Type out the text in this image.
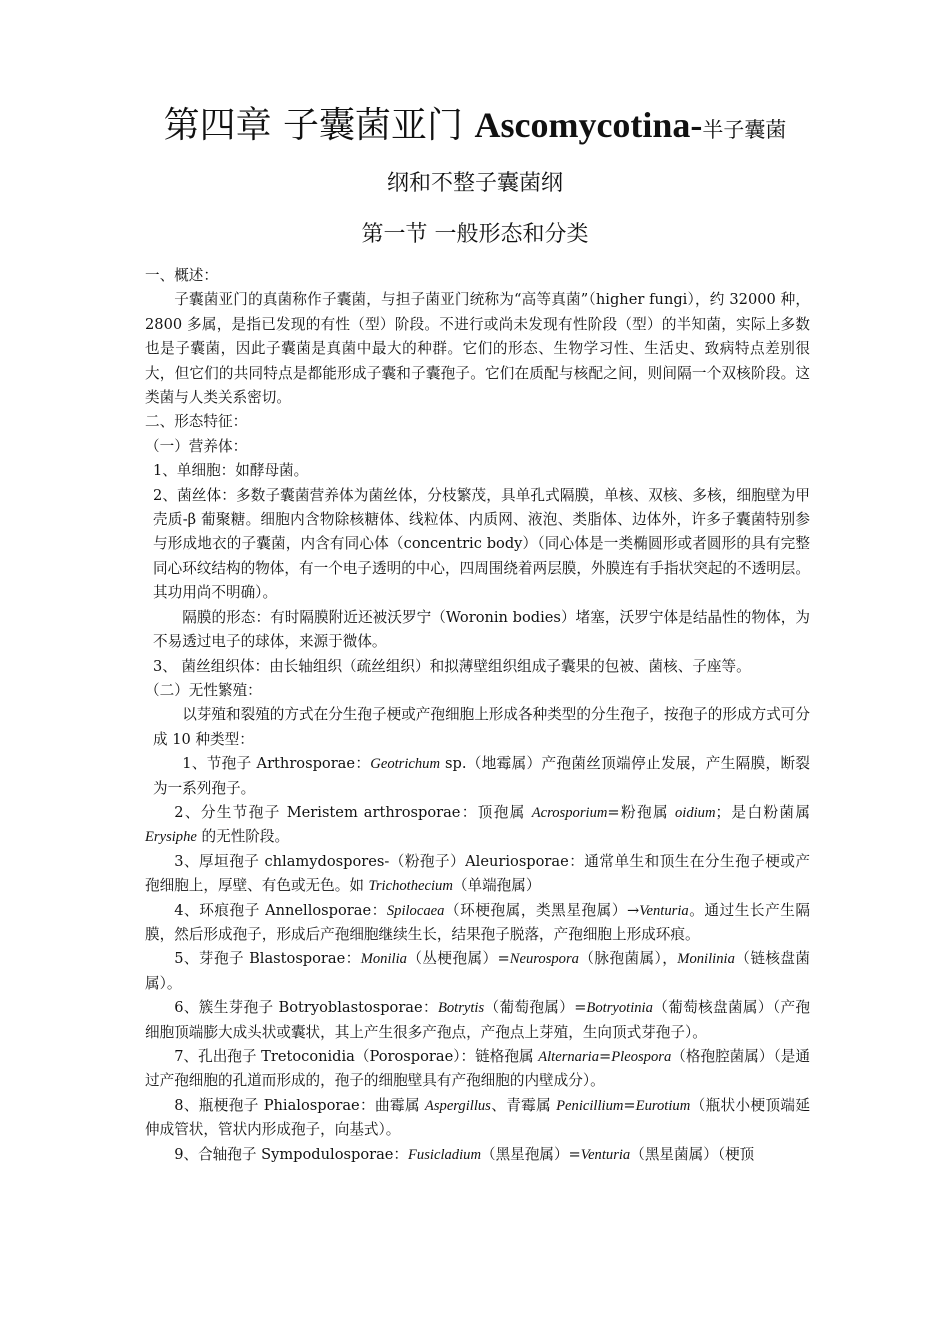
第四章 子囊菌亚门 Ascomycotina-半子囊菌
纲和不整子囊菌纲
第一节 一般形态和分类

一、概述：

子囊菌亚门的真菌称作子囊菌，与担子菌亚门统称为“高等真菌”（higher fungi），约 32000 种，2800 多属，是指已发现的有性（型）阶段。不进行或尚未发现有性阶段（型）的半知菌，实际上多数也是子囊菌，因此子囊菌是真菌中最大的种群。它们的形态、生物学习性、生活史、致病特点差别很大，但它们的共同特点是都能形成子囊和子囊孢子。它们在质配与核配之间，则间隔一个双核阶段。这类菌与人类关系密切。

二、形态特征：

（一）营养体：

1、单细胞：如酵母菌。

2、菌丝体：多数子囊菌营养体为菌丝体，分枝繁茂，具单孔式隔膜，单核、双核、多核，细胞壁为甲壳质-β 葡聚糖。细胞内含物除核糖体、线粒体、内质网、液泡、类脂体、边体外，许多子囊菌特别参与形成地衣的子囊菌，内含有同心体（concentric body）（同心体是一类椭圆形或者圆形的具有完整同心环纹结构的物体，有一个电子透明的中心，四周围绕着两层膜，外膜连有手指状突起的不透明层。其功用尚不明确）。

隔膜的形态：有时隔膜附近还被沃罗宁（Woronin bodies）堵塞，沃罗宁体是结晶性的物体，为不易透过电子的球体，来源于微体。

3、 菌丝组织体：由长轴组织（疏丝组织）和拟薄壁组织组成子囊果的包被、菌核、子座等。

（二）无性繁殖：

以芽殖和裂殖的方式在分生孢子梗或产孢细胞上形成各种类型的分生孢子，按孢子的形成方式可分成 10 种类型：

1、节孢子 Arthrosporae：Geotrichum sp.（地霉属）产孢菌丝顶端停止发展，产生隔膜，断裂为一系列孢子。

2、分生节孢子 Meristem arthrosporae：顶孢属 Acrosporium=粉孢属 oidium；是白粉菌属 Erysiphe 的无性阶段。

3、厚垣孢子 chlamydospores-（粉孢子）Aleuriosporae：通常单生和顶生在分生孢子梗或产孢细胞上，厚壁、有色或无色。如 Trichothecium（单端孢属）

4、环痕孢子 Annellosporae：Spilocaea（环梗孢属，类黑星孢属）→Venturia。通过生长产生隔膜，然后形成孢子，形成后产孢细胞继续生长，结果孢子脱落，产孢细胞上形成环痕。

5、芽孢子 Blastosporae：Monilia（丛梗孢属）=Neurospora（脉孢菌属），Monilinia（链核盘菌属）。

6、簇生芽孢子 Botryoblastosporae：Botrytis（葡萄孢属）=Botryotinia（葡萄核盘菌属）（产孢细胞顶端膨大成头状或囊状，其上产生很多产孢点，产孢点上芽殖，生向顶式芽孢子）。

7、孔出孢子 Tretoconidia（Porosporae）：链格孢属 Alternaria=Pleospora（格孢腔菌属）（是通过产孢细胞的孔道而形成的，孢子的细胞壁具有产孢细胞的内壁成分）。

8、瓶梗孢子 Phialosporae：曲霉属 Aspergillus、青霉属 Penicillium=Eurotium（瓶状小梗顶端延伸成管状，管状内形成孢子，向基式）。

9、合轴孢子 Sympodulosporae：Fusicladium（黑星孢属）=Venturia（黑星菌属）（梗顶
